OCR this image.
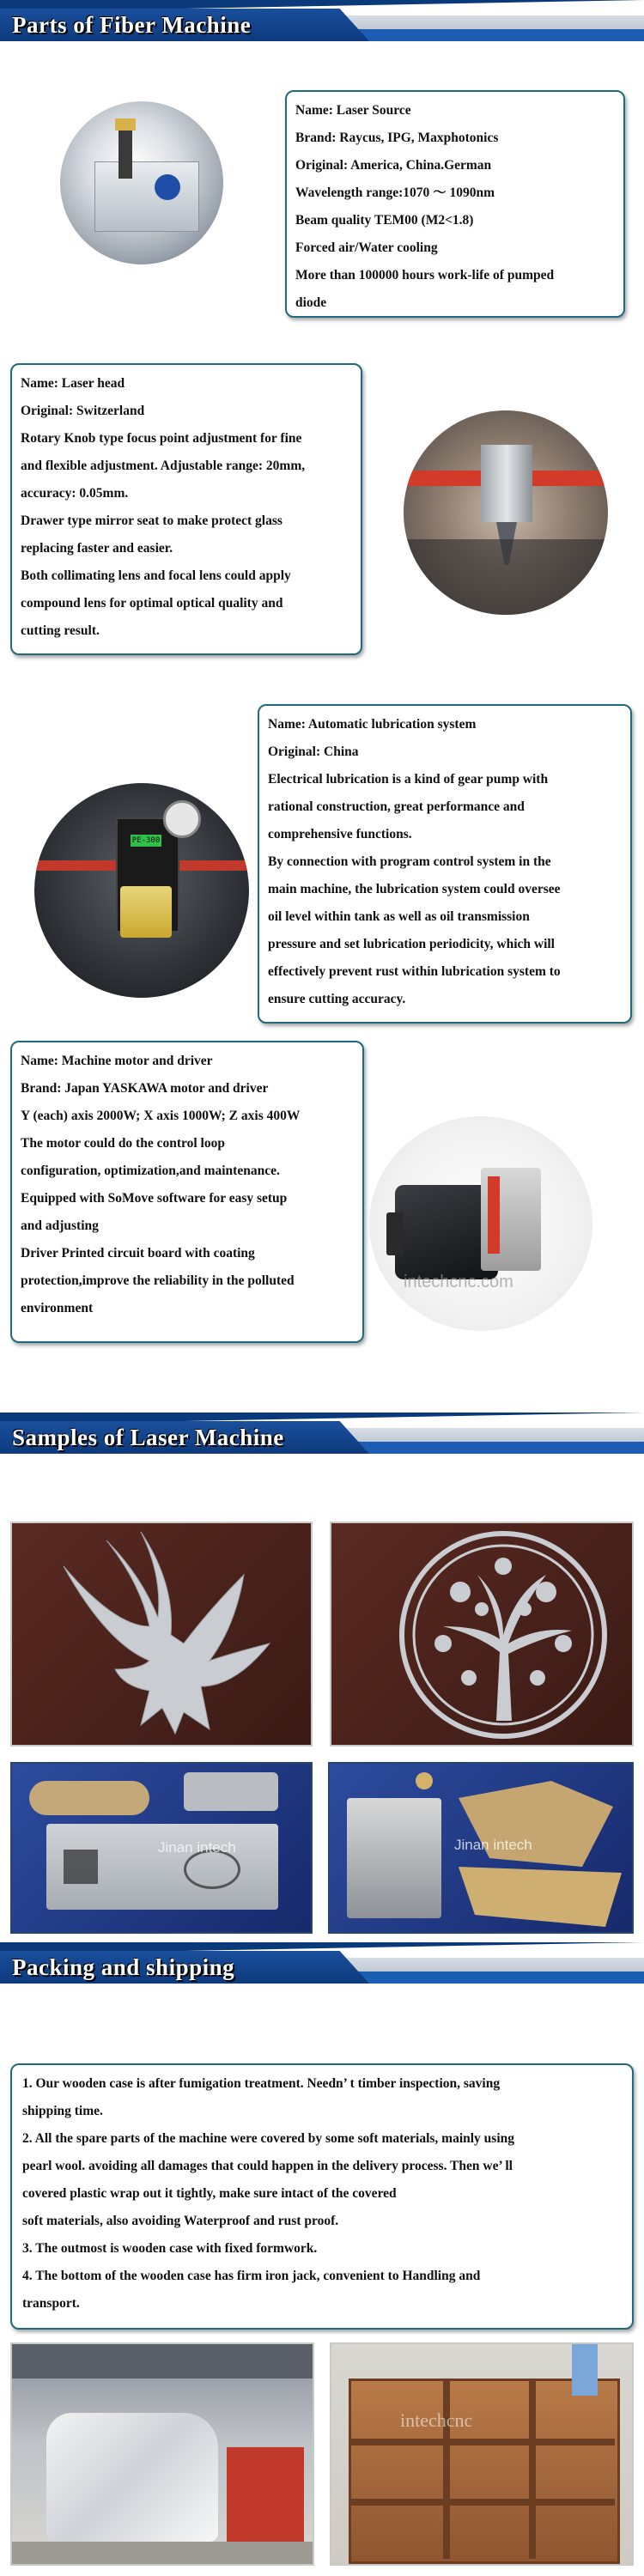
Parts of Fiber Machine

Name: Laser Source

Brand: Raycus, IPG, Maxphotonics

Original: America, China.German

Wavelength range:1070 ～ 1090nm

Beam quality TEM00 (M2<1.8)

Forced air/Water cooling

More than 100000 hours work-life of pumped

diode

Name: Laser head

Original: Switzerland

Rotary Knob type focus point adjustment for fine

and flexible adjustment. Adjustable range: 20mm,

accuracy: 0.05mm.

Drawer type mirror seat to make protect glass

replacing faster and easier.

Both collimating lens and focal lens could apply

compound lens for optimal optical quality and

cutting result.

PE-300

Name: Automatic lubrication system

Original: China

Electrical lubrication is a kind of gear pump with

rational construction, great performance and

comprehensive functions.

By connection with program control system in the

main machine, the lubrication system could oversee

oil level within tank as well as oil transmission

pressure and set lubrication periodicity, which will

effectively prevent rust within lubrication system to

ensure cutting accuracy.

Name: Machine motor and driver

Brand: Japan YASKAWA motor and driver

Y (each) axis 2000W; X axis 1000W; Z axis 400W

The motor could do the control loop

configuration, optimization,and maintenance.

Equipped with SoMove software for easy setup

and adjusting

Driver Printed circuit board with coating

protection,improve the reliability in the polluted

environment

intechcnc.com
Samples of Laser Machine
Jinan intech	Jinan intech
Packing and shipping

1. Our wooden case is after fumigation treatment. Needn’ t timber inspection, saving

shipping time.

2. All the spare parts of the machine were covered by some soft materials, mainly using

pearl wool. avoiding all damages that could happen in the delivery process. Then we’ ll

covered plastic wrap out it tightly, make sure intact of the covered

soft materials, also avoiding Waterproof and rust proof.

3. The outmost is wooden case with fixed formwork.

4. The bottom of the wooden case has firm iron jack, convenient to Handling and

transport.

intechcnc
